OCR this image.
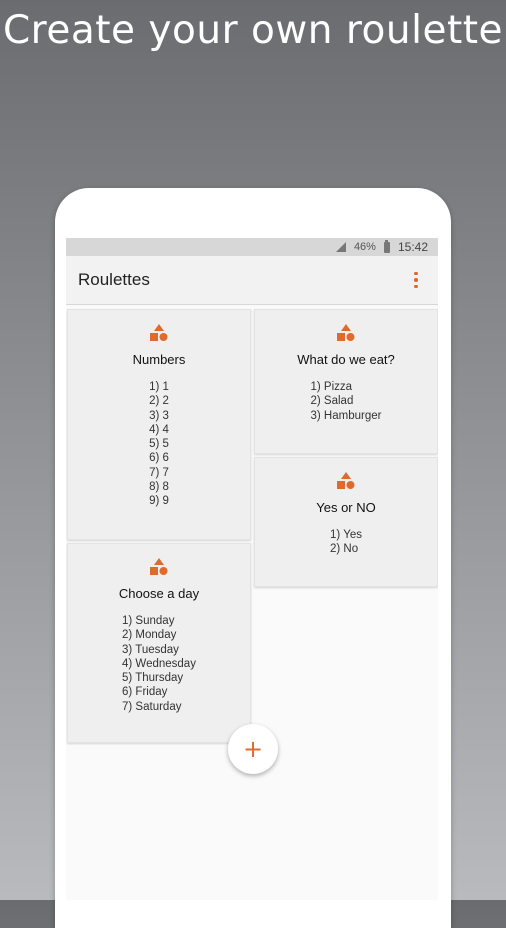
Create your own roulette
46% 15:42
Roulettes
Numbers
1) 1
2) 2
3) 3
4) 4
5) 5
6) 6
7) 7
8) 8
9) 9
What do we eat?
1) Pizza
2) Salad
3) Hamburger
Yes or NO
1) Yes
2) No
Choose a day
1) Sunday
2) Monday
3) Tuesday
4) Wednesday
5) Thursday
6) Friday
7) Saturday
+
